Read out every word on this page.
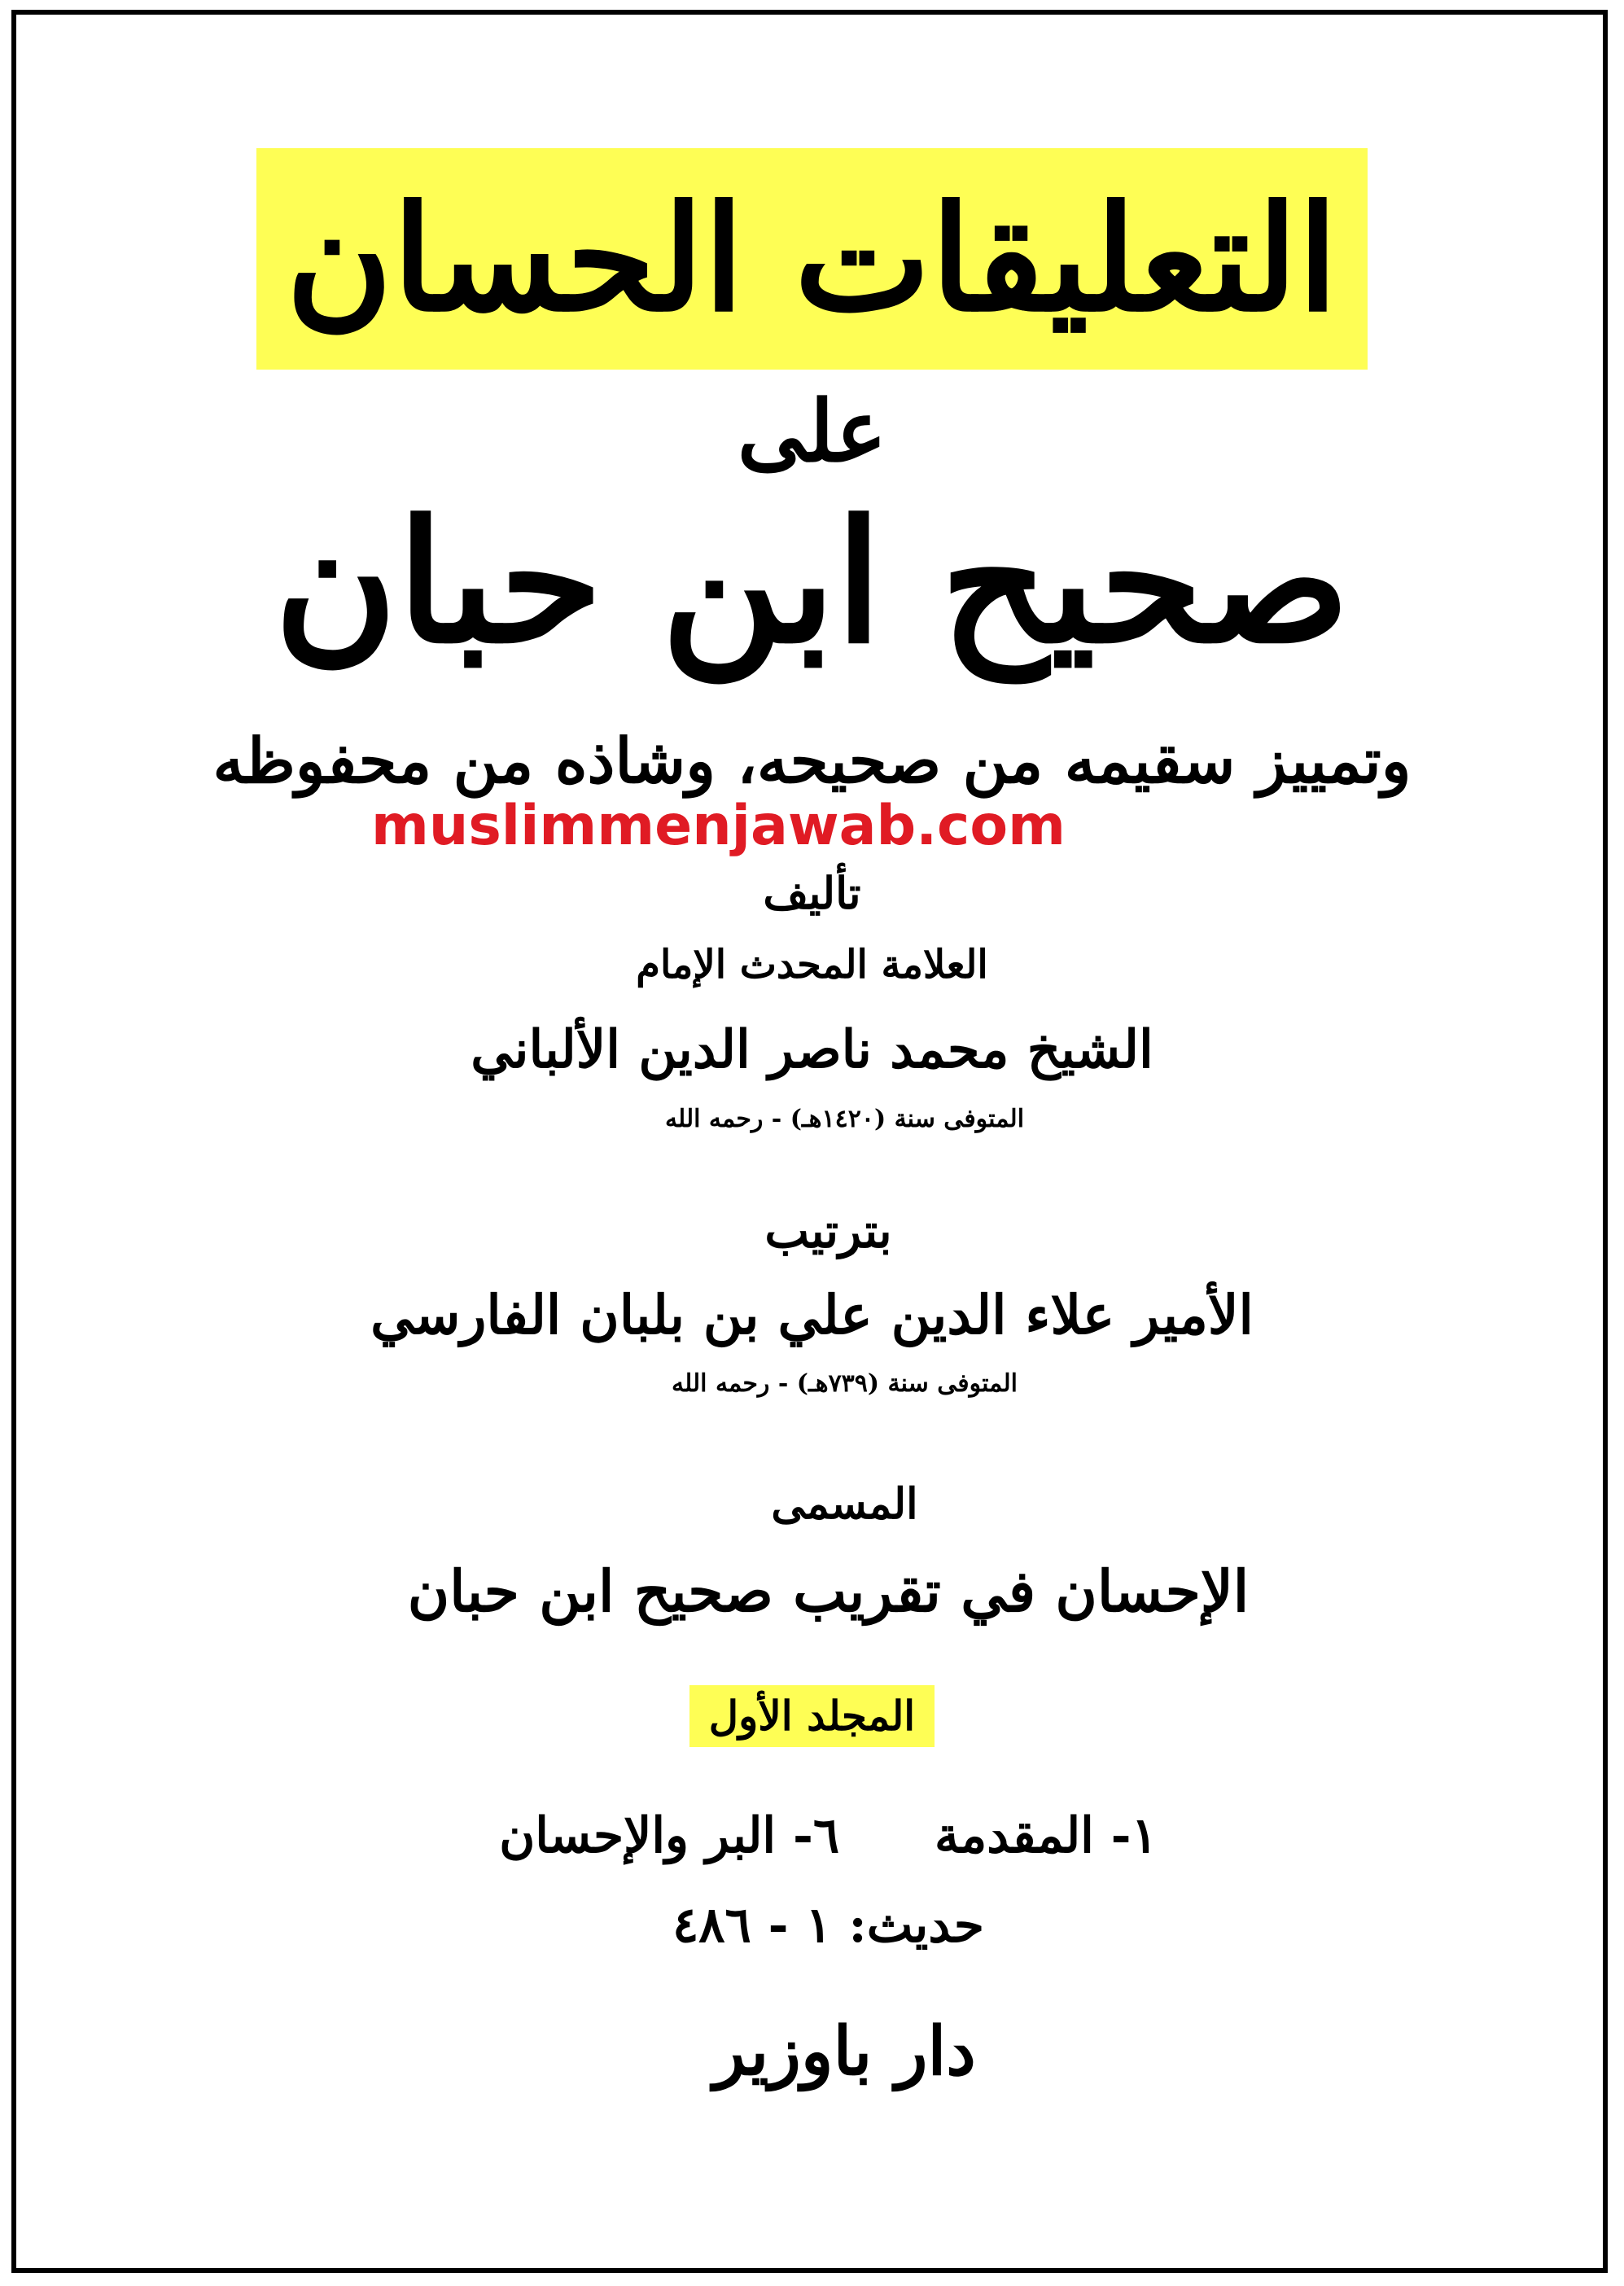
التعليقات الحسان
على
صحيح ابن حبان
وتمييز سقيمه من صحيحه، وشاذه من محفوظه
muslimmenjawab.com
تأليف
العلامة المحدث الإمام
الشيخ محمد ناصر الدين الألباني
المتوفى سنة (١٤٢٠هـ) - رحمه الله
بترتيب
الأمير علاء الدين علي بن بلبان الفارسي
المتوفى سنة (٧٣٩هـ) - رحمه الله
المسمى
الإحسان في تقريب صحيح ابن حبان
المجلد الأول
١- المقدمة ٦- البر والإحسان
حديث: ١ - ٤٨٦
دار باوزير
